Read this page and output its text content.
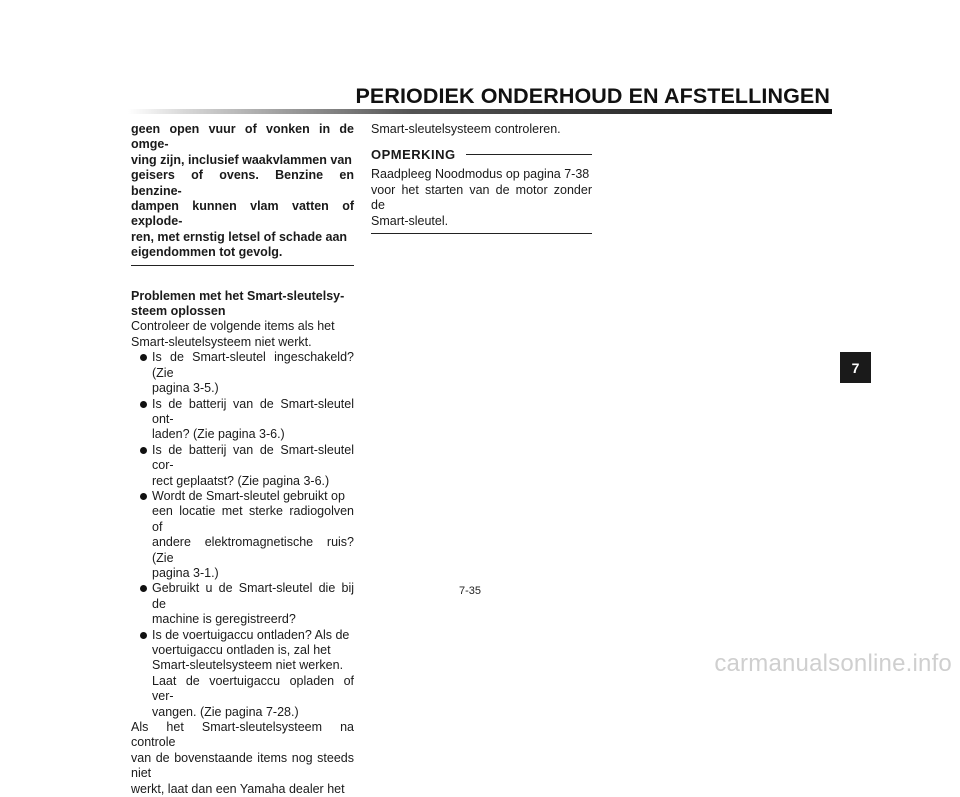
PERIODIEK ONDERHOUD EN AFSTELLINGEN
geen open vuur of vonken in de omge-
ving zijn, inclusief waakvlammen van
geisers of ovens. Benzine en benzine-
dampen kunnen vlam vatten of explode-
ren, met ernstig letsel of schade aan
eigendommen tot gevolg.
Problemen met het Smart-sleutelsy-
steem oplossen
Controleer de volgende items als het
Smart-sleutelsysteem niet werkt.
Is de Smart-sleutel ingeschakeld? (Zie
pagina 3-5.)
Is de batterij van de Smart-sleutel ont-
laden? (Zie pagina 3-6.)
Is de batterij van de Smart-sleutel cor-
rect geplaatst? (Zie pagina 3-6.)
Wordt de Smart-sleutel gebruikt op
een locatie met sterke radiogolven of
andere elektromagnetische ruis? (Zie
pagina 3-1.)
Gebruikt u de Smart-sleutel die bij de
machine is geregistreerd?
Is de voertuigaccu ontladen? Als de
voertuigaccu ontladen is, zal het
Smart-sleutelsysteem niet werken.
Laat de voertuigaccu opladen of ver-
vangen. (Zie pagina 7-28.)
Als het Smart-sleutelsysteem na controle
van de bovenstaande items nog steeds niet
werkt, laat dan een Yamaha dealer het
Smart-sleutelsysteem controleren.
OPMERKING
Raadpleeg Noodmodus op pagina 7-38
voor het starten van de motor zonder de
Smart-sleutel.
7-35
7
carmanualsonline.info
